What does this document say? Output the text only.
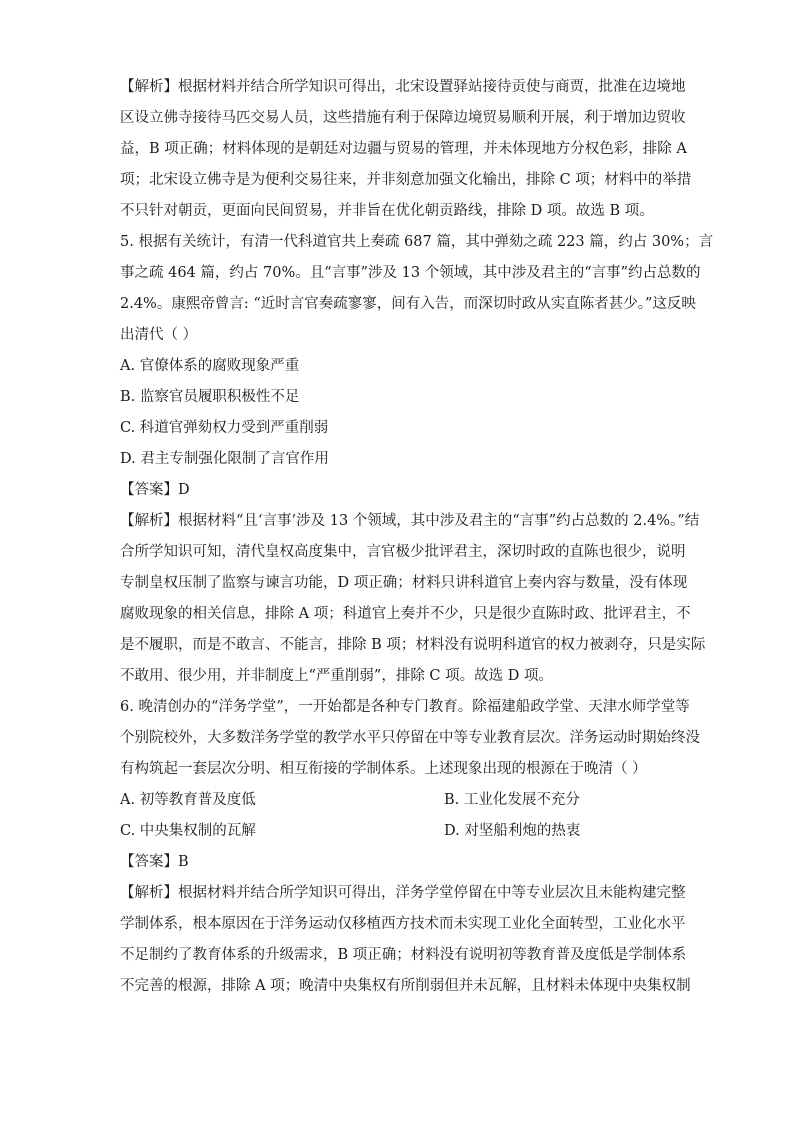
【解析】根据材料并结合所学知识可得出，北宋设置驿站接待贡使与商贾，批准在边境地
区设立佛寺接待马匹交易人员，这些措施有利于保障边境贸易顺利开展，利于增加边贸收
益，B 项正确；材料体现的是朝廷对边疆与贸易的管理，并未体现地方分权色彩，排除 A
项；北宋设立佛寺是为便利交易往来，并非刻意加强文化输出，排除 C 项；材料中的举措
不只针对朝贡，更面向民间贸易，并非旨在优化朝贡路线，排除 D 项。故选 B 项。
5. 根据有关统计，有清一代科道官共上奏疏 687 篇，其中弹劾之疏 223 篇，约占 30%；言
事之疏 464 篇，约占 70%。且“言事”涉及 13 个领域，其中涉及君主的“言事”约占总数的
2.4%。康熙帝曾言: “近时言官奏疏寥寥，间有入告，而深切时政从实直陈者甚少。”这反映
出清代（ ）
A. 官僚体系的腐败现象严重
B. 监察官员履职积极性不足
C. 科道官弹劾权力受到严重削弱
D. 君主专制强化限制了言官作用
【答案】D
【解析】根据材料“且‘言事’涉及 13 个领域，其中涉及君主的“言事”约占总数的 2.4%。”结
合所学知识可知，清代皇权高度集中，言官极少批评君主，深切时政的直陈也很少，说明
专制皇权压制了监察与谏言功能，D 项正确；材料只讲科道官上奏内容与数量，没有体现
腐败现象的相关信息，排除 A 项；科道官上奏并不少，只是很少直陈时政、批评君主，不
是不履职，而是不敢言、不能言，排除 B 项；材料没有说明科道官的权力被剥夺，只是实际
不敢用、很少用，并非制度上“严重削弱”，排除 C 项。故选 D 项。
6. 晚清创办的“洋务学堂”，一开始都是各种专门教育。除福建船政学堂、天津水师学堂等
个别院校外，大多数洋务学堂的教学水平只停留在中等专业教育层次。洋务运动时期始终没
有构筑起一套层次分明、相互衔接的学制体系。上述现象出现的根源在于晚清（ ）
A. 初等教育普及度低	B. 工业化发展不充分
C. 中央集权制的瓦解	D. 对坚船利炮的热衷
【答案】B
【解析】根据材料并结合所学知识可得出，洋务学堂停留在中等专业层次且未能构建完整
学制体系，根本原因在于洋务运动仅移植西方技术而未实现工业化全面转型，工业化水平
不足制约了教育体系的升级需求，B 项正确；材料没有说明初等教育普及度低是学制体系
不完善的根源，排除 A 项；晚清中央集权有所削弱但并未瓦解，且材料未体现中央集权制
